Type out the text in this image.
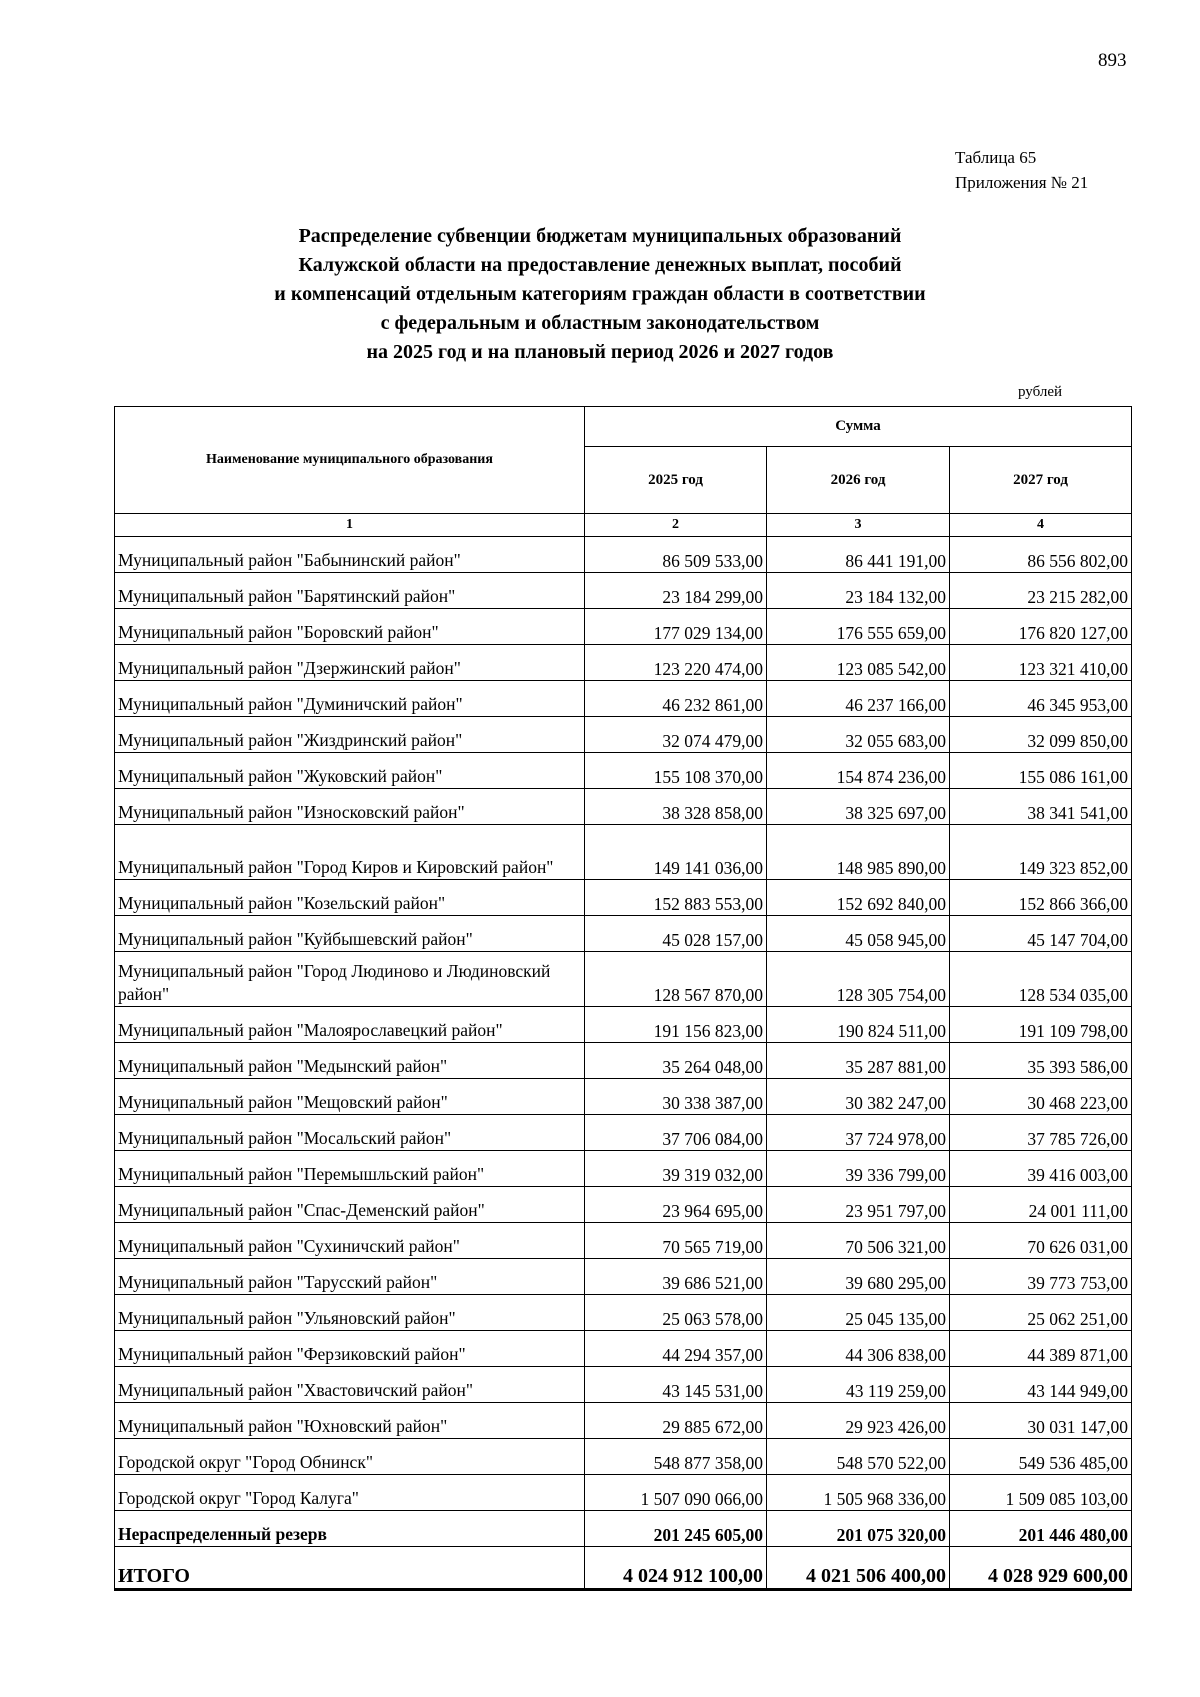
893
Таблица 65
Приложения № 21
Распределение субвенции бюджетам муниципальных образований
Калужской области на предоставление денежных выплат, пособий
и компенсаций отдельным категориям граждан области в соответствии
с федеральным и областным законодательством
на 2025 год и на плановый период 2026 и 2027 годов
рублей
Наименование муниципального образования	Сумма		
	2025 год	2026 год	2027 год
1	2	3	4
Муниципальный район "Бабынинский район"	86 509 533,00	86 441 191,00	86 556 802,00
Муниципальный район "Барятинский район"	23 184 299,00	23 184 132,00	23 215 282,00
Муниципальный район "Боровский район"	177 029 134,00	176 555 659,00	176 820 127,00
Муниципальный район "Дзержинский район"	123 220 474,00	123 085 542,00	123 321 410,00
Муниципальный район "Думиничский район"	46 232 861,00	46 237 166,00	46 345 953,00
Муниципальный район "Жиздринский район"	32 074 479,00	32 055 683,00	32 099 850,00
Муниципальный район "Жуковский район"	155 108 370,00	154 874 236,00	155 086 161,00
Муниципальный район "Износковский район"	38 328 858,00	38 325 697,00	38 341 541,00
Муниципальный район "Город Киров и Кировский район"	149 141 036,00	148 985 890,00	149 323 852,00
Муниципальный район "Козельский район"	152 883 553,00	152 692 840,00	152 866 366,00
Муниципальный район "Куйбышевский район"	45 028 157,00	45 058 945,00	45 147 704,00
Муниципальный район "Город Людиново и Людиновский район"	128 567 870,00	128 305 754,00	128 534 035,00
Муниципальный район "Малоярославецкий район"	191 156 823,00	190 824 511,00	191 109 798,00
Муниципальный район "Медынский район"	35 264 048,00	35 287 881,00	35 393 586,00
Муниципальный район "Мещовский район"	30 338 387,00	30 382 247,00	30 468 223,00
Муниципальный район "Мосальский район"	37 706 084,00	37 724 978,00	37 785 726,00
Муниципальный район "Перемышльский район"	39 319 032,00	39 336 799,00	39 416 003,00
Муниципальный район "Спас-Деменский район"	23 964 695,00	23 951 797,00	24 001 111,00
Муниципальный район "Сухиничский район"	70 565 719,00	70 506 321,00	70 626 031,00
Муниципальный район "Тарусский район"	39 686 521,00	39 680 295,00	39 773 753,00
Муниципальный район "Ульяновский район"	25 063 578,00	25 045 135,00	25 062 251,00
Муниципальный район "Ферзиковский район"	44 294 357,00	44 306 838,00	44 389 871,00
Муниципальный район "Хвастовичский район"	43 145 531,00	43 119 259,00	43 144 949,00
Муниципальный район "Юхновский район"	29 885 672,00	29 923 426,00	30 031 147,00
Городской округ "Город Обнинск"	548 877 358,00	548 570 522,00	549 536 485,00
Городской округ "Город Калуга"	1 507 090 066,00	1 505 968 336,00	1 509 085 103,00
Нераспределенный резерв	201 245 605,00	201 075 320,00	201 446 480,00
ИТОГО	4 024 912 100,00	4 021 506 400,00	4 028 929 600,00
